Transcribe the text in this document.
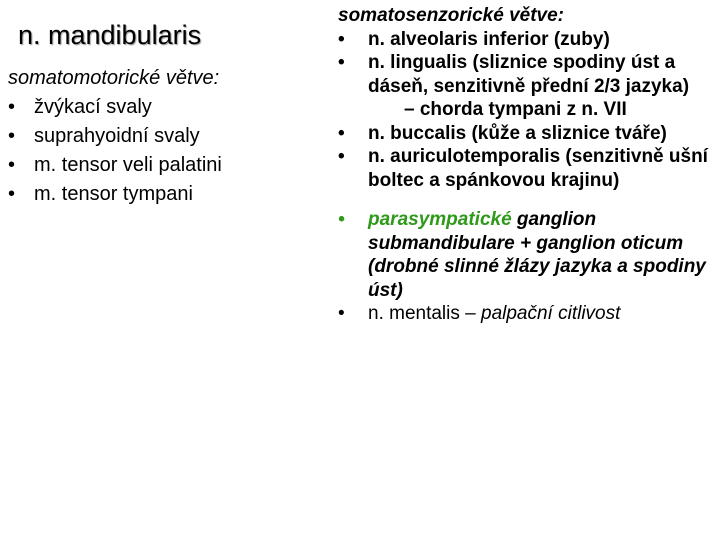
n. mandibularis
somatomotorické větve:
• žvýkací svaly
• suprahyoidní svaly
• m. tensor veli palatini
• m. tensor tympani
somatosenzorické větve:
• n. alveolaris inferior (zuby)
• n. lingualis (sliznice spodiny úst a dáseň, senzitivně přední 2/3 jazyka)
– chorda tympani z n. VII
• n. buccalis (kůže a sliznice tváře)
• n. auriculotemporalis (senzitivně ušní boltec a spánkovou krajinu)
• parasympatické ganglion submandibulare + ganglion oticum (drobné slinné žlázy jazyka a spodiny úst)
• n. mentalis – palpační citlivost
